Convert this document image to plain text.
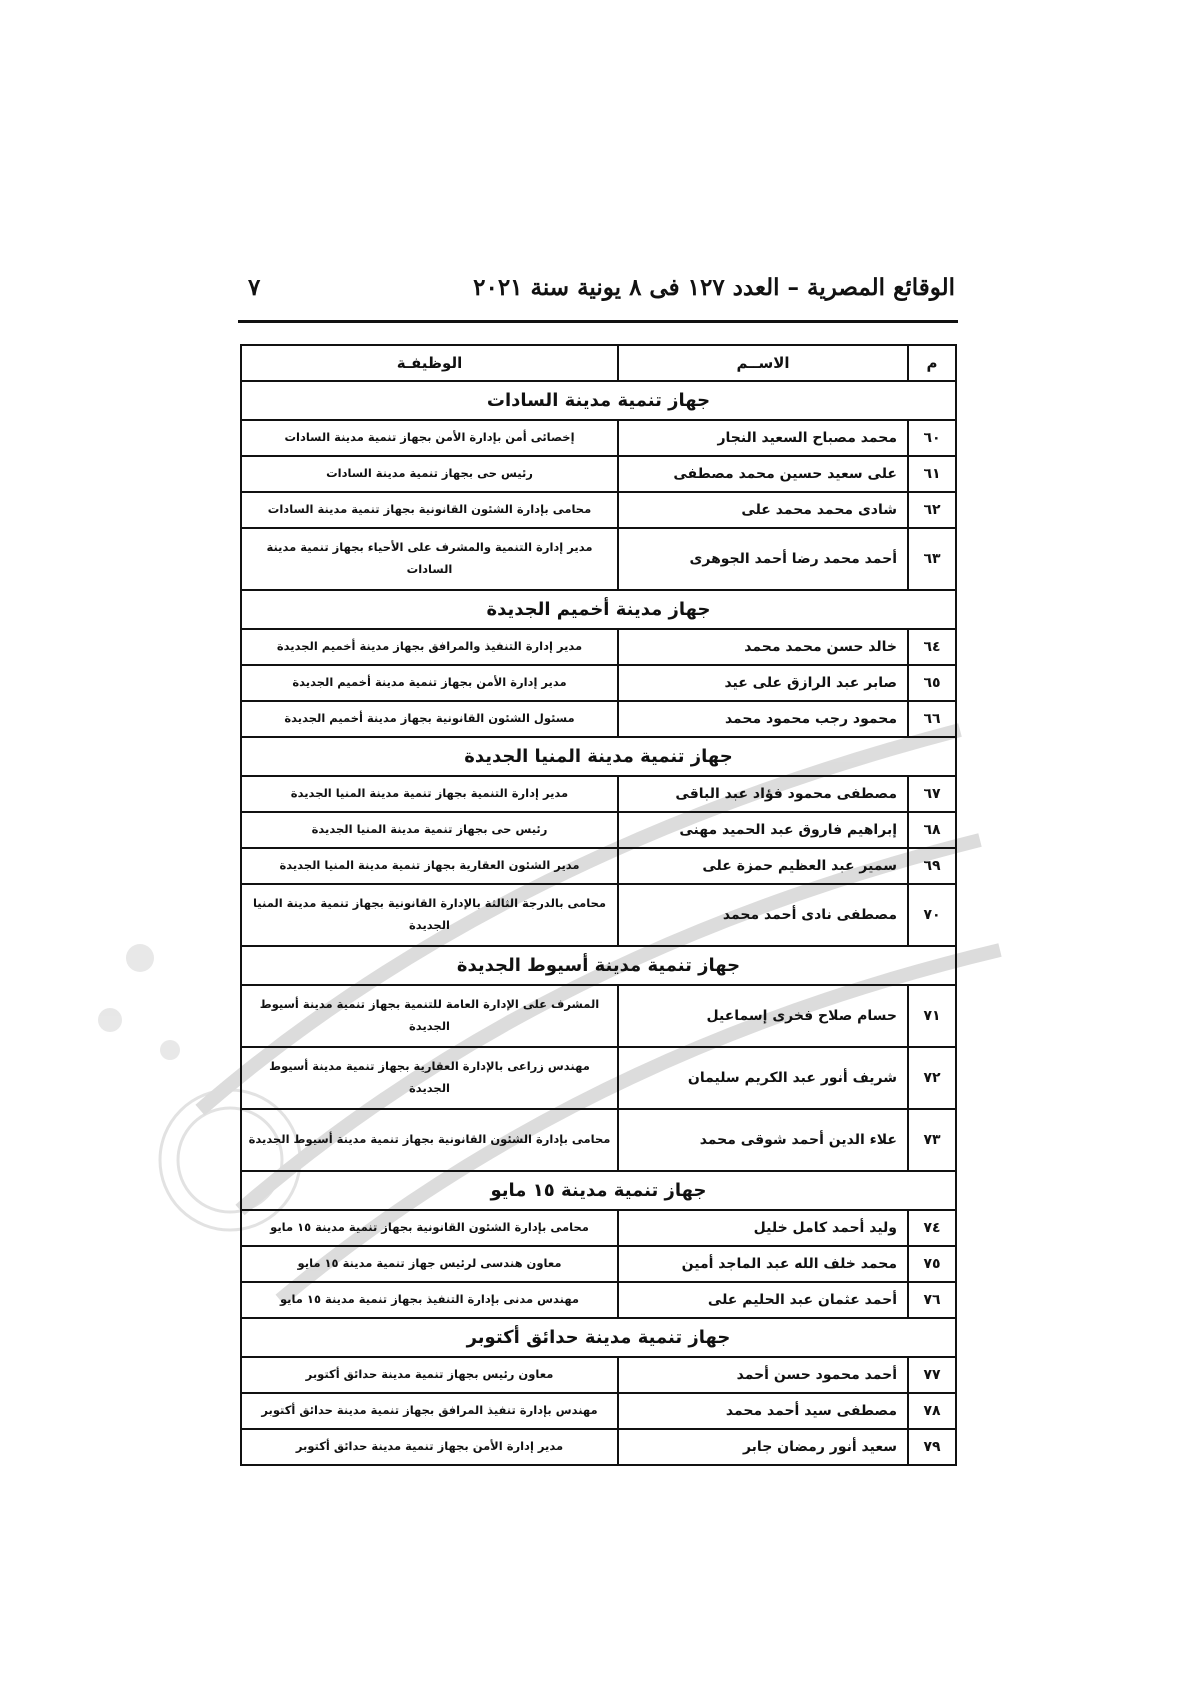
الوقائع المصرية – العدد ١٢٧ فى ٨ يونية سنة ٢٠٢١
٧
م	الاســم	الوظيفـة
جهاز تنمية مدينة السادات		
٦٠	محمد مصباح السعيد النجار	إخصائى أمن بإدارة الأمن بجهاز تنمية مدينة السادات
٦١	على سعيد حسين محمد مصطفى	رئيس حى بجهاز تنمية مدينة السادات
٦٢	شادى محمد محمد على	محامى بإدارة الشئون القانونية بجهاز تنمية مدينة السادات
٦٣	أحمد محمد رضا أحمد الجوهرى	مدير إدارة التنمية والمشرف على الأحياء بجهاز تنمية مدينة السادات
جهاز مدينة أخميم الجديدة		
٦٤	خالد حسن محمد محمد	مدير إدارة التنفيذ والمرافق بجهاز مدينة أخميم الجديدة
٦٥	صابر عبد الرازق على عيد	مدير إدارة الأمن بجهاز تنمية مدينة أخميم الجديدة
٦٦	محمود رجب محمود محمد	مسئول الشئون القانونية بجهاز مدينة أخميم الجديدة
جهاز تنمية مدينة المنيا الجديدة		
٦٧	مصطفى محمود فؤاد عبد الباقى	مدير إدارة التنمية بجهاز تنمية مدينة المنيا الجديدة
٦٨	إبراهيم فاروق عبد الحميد مهنى	رئيس حى بجهاز تنمية مدينة المنيا الجديدة
٦٩	سمير عبد العظيم حمزة على	مدير الشئون العقارية بجهاز تنمية مدينة المنيا الجديدة
٧٠	مصطفى نادى أحمد محمد	محامى بالدرجة الثالثة بالإدارة القانونية بجهاز تنمية مدينة المنيا الجديدة
جهاز تنمية مدينة أسيوط الجديدة		
٧١	حسام صلاح فخرى إسماعيل	المشرف على الإدارة العامة للتنمية بجهاز تنمية مدينة أسيوط الجديدة
٧٢	شريف أنور عبد الكريم سليمان	مهندس زراعى بالإدارة العقارية بجهاز تنمية مدينة أسيوط الجديدة
٧٣	علاء الدين أحمد شوقى محمد	محامى بإدارة الشئون القانونية بجهاز تنمية مدينة أسيوط الجديدة
جهاز تنمية مدينة ١٥ مايو		
٧٤	وليد أحمد كامل خليل	محامى بإدارة الشئون القانونية بجهاز تنمية مدينة ١٥ مايو
٧٥	محمد خلف الله عبد الماجد أمين	معاون هندسى لرئيس جهاز تنمية مدينة ١٥ مايو
٧٦	أحمد عثمان عبد الحليم على	مهندس مدنى بإدارة التنفيذ بجهاز تنمية مدينة ١٥ مايو
جهاز تنمية مدينة حدائق أكتوبر		
٧٧	أحمد محمود حسن أحمد	معاون رئيس بجهاز تنمية مدينة حدائق أكتوبر
٧٨	مصطفى سيد أحمد محمد	مهندس بإدارة تنفيذ المرافق بجهاز تنمية مدينة حدائق أكتوبر
٧٩	سعيد أنور رمضان جابر	مدير إدارة الأمن بجهاز تنمية مدينة حدائق أكتوبر
